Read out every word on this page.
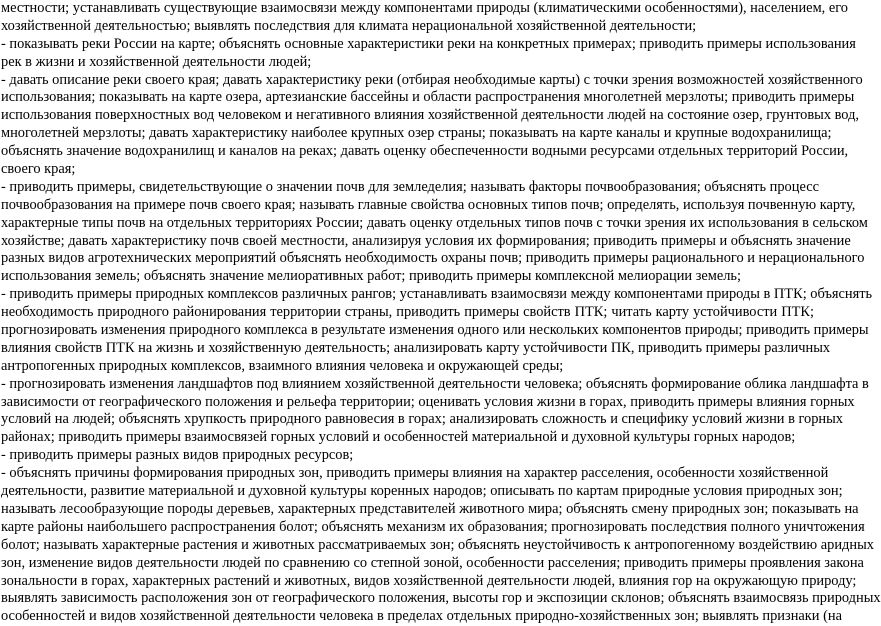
местности; устанавливать существующие взаимосвязи между компонентами природы (климатическими особенностями), населением, его
хозяйственной деятельностью; выявлять последствия для климата нерациональной хозяйственной деятельности;
- показывать реки России на карте; объяснять основные характеристики реки на конкретных примерах; приводить примеры использования
рек в жизни и хозяйственной деятельности людей;
- давать описание реки своего края; давать характеристику реки (отбирая необходимые карты) с точки зрения возможностей хозяйственного
использования; показывать на карте озера, артезианские бассейны и области распространения многолетней мерзлоты; приводить примеры
использования поверхностных вод человеком и негативного влияния хозяйственной деятельности людей на состояние озер, грунтовых вод,
многолетней мерзлоты; давать характеристику наиболее крупных озер страны; показывать на карте каналы и крупные водохранилища;
объяснять значение водохранилищ и каналов на реках; давать оценку обеспеченности водными ресурсами отдельных территорий России,
своего края;
- приводить примеры, свидетельствующие о значении почв для земледелия; называть факторы почвообразования; объяснять процесс
почвообразования на примере почв своего края; называть главные свойства основных типов почв; определять, используя почвенную карту,
характерные типы почв на отдельных территориях России; давать оценку отдельных типов почв с точки зрения их использования в сельском
хозяйстве; давать характеристику почв своей местности, анализируя условия их формирования; приводить примеры и объяснять значение
разных видов агротехнических мероприятий объяснять необходимость охраны почв; приводить примеры рационального и нерационального
использования земель; объяснять значение мелиоративных работ; приводить примеры комплексной мелиорации земель;
- приводить примеры природных комплексов различных рангов; устанавливать взаимосвязи между компонентами природы в ПТК; объяснять
необходимость природного районирования территории страны, приводить примеры свойств ПТК; читать карту устойчивости ПТК;
прогнозировать изменения природного комплекса в результате изменения одного или нескольких компонентов природы; приводить примеры
влияния свойств ПТК на жизнь и хозяйственную деятельность; анализировать карту устойчивости ПК, приводить примеры различных
антропогенных природных комплексов, взаимного влияния человека и окружающей среды;
- прогнозировать изменения ландшафтов под влиянием хозяйственной деятельности человека; объяснять формирование облика ландшафта в
зависимости от географического положения и рельефа территории; оценивать условия жизни в горах, приводить примеры влияния горных
условий на людей; объяснять хрупкость природного равновесия в горах; анализировать сложность и специфику условий жизни в горных
районах; приводить примеры взаимосвязей горных условий и особенностей материальной и духовной культуры горных народов;
- приводить примеры разных видов природных ресурсов;
- объяснять причины формирования природных зон, приводить примеры влияния на характер расселения, особенности хозяйственной
деятельности, развитие материальной и духовной культуры коренных народов; описывать по картам природные условия природных зон;
называть лесообразующие породы деревьев, характерных представителей животного мира; объяснять смену природных зон; показывать на
карте районы наибольшего распространения болот; объяснять механизм их образования; прогнозировать последствия полного уничтожения
болот; называть характерные растения и животных рассматриваемых зон; объяснять неустойчивость к антропогенному воздействию аридных
зон, изменение видов деятельности людей по сравнению со степной зоной, особенности расселения; приводить примеры проявления закона
зональности в горах, характерных растений и животных, видов хозяйственной деятельности людей, влияния гор на окружающую природу;
выявлять зависимость расположения зон от географического положения, высоты гор и экспозиции склонов; объяснять взаимосвязь природных
особенностей и видов хозяйственной деятельности человека в пределах отдельных природно-хозяйственных зон; выявлять признаки (на
